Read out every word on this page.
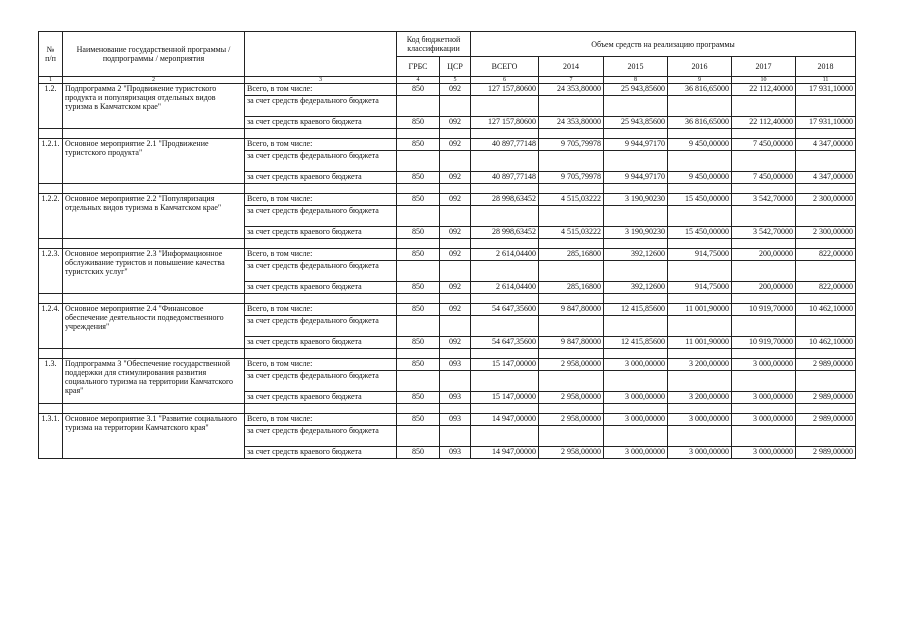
№
п/п	Наименование государственной программы / подпрограммы / мероприятия		Код бюджетной классификации		Объем средств на реализацию программы					
			ГРБС	ЦСР	ВСЕГО	2014	2015	2016	2017	2018
1	2	3	4	5	6	7	8	9	10	11
1.2.	Подпрограмма 2 "Продвижение туристского продукта и популяризация отдельных видов туризма в Камчатском крае"	Всего, в том числе:	850	092	127 157,80600	24 353,80000	25 943,85600	36 816,65000	22 112,40000	17 931,10000
		за счет средств федерального бюджета								
		за счет средств краевого бюджета	850	092	127 157,80600	24 353,80000	25 943,85600	36 816,65000	22 112,40000	17 931,10000

1.2.1.	Основное мероприятие 2.1 "Продвижение туристского продукта"	Всего, в том числе:	850	092	40 897,77148	9 705,79978	9 944,97170	9 450,00000	7 450,00000	4 347,00000
		за счет средств федерального бюджета								
		за счет средств краевого бюджета	850	092	40 897,77148	9 705,79978	9 944,97170	9 450,00000	7 450,00000	4 347,00000

1.2.2.	Основное мероприятие 2.2 "Популяризация отдельных видов туризма в Камчатском крае"	Всего, в том числе:	850	092	28 998,63452	4 515,03222	3 190,90230	15 450,00000	3 542,70000	2 300,00000
		за счет средств федерального бюджета								
		за счет средств краевого бюджета	850	092	28 998,63452	4 515,03222	3 190,90230	15 450,00000	3 542,70000	2 300,00000

1.2.3.	Основное мероприятие 2.3 "Информационное обслуживание туристов и повышение качества туристских услуг"	Всего, в том числе:	850	092	2 614,04400	285,16800	392,12600	914,75000	200,00000	822,00000
		за счет средств федерального бюджета								
		за счет средств краевого бюджета	850	092	2 614,04400	285,16800	392,12600	914,75000	200,00000	822,00000

1.2.4.	Основное мероприятие 2.4 "Финансовое обеспечение деятельности подведомственного учреждения"	Всего, в том числе:	850	092	54 647,35600	9 847,80000	12 415,85600	11 001,90000	10 919,70000	10 462,10000
		за счет средств федерального бюджета								
		за счет средств краевого бюджета	850	092	54 647,35600	9 847,80000	12 415,85600	11 001,90000	10 919,70000	10 462,10000

1.3.	Подпрограмма 3 "Обеспечение государственной поддержки для стимулирования развития социального туризма на территории Камчатского края"	Всего, в том числе:	850	093	15 147,00000	2 958,00000	3 000,00000	3 200,00000	3 000,00000	2 989,00000
		за счет средств федерального бюджета								
		за счет средств краевого бюджета	850	093	15 147,00000	2 958,00000	3 000,00000	3 200,00000	3 000,00000	2 989,00000

1.3.1.	Основное мероприятие 3.1 "Развитие социального туризма на территории Камчатского края"	Всего, в том числе:	850	093	14 947,00000	2 958,00000	3 000,00000	3 000,00000	3 000,00000	2 989,00000
		за счет средств федерального бюджета								
		за счет средств краевого бюджета	850	093	14 947,00000	2 958,00000	3 000,00000	3 000,00000	3 000,00000	2 989,00000
